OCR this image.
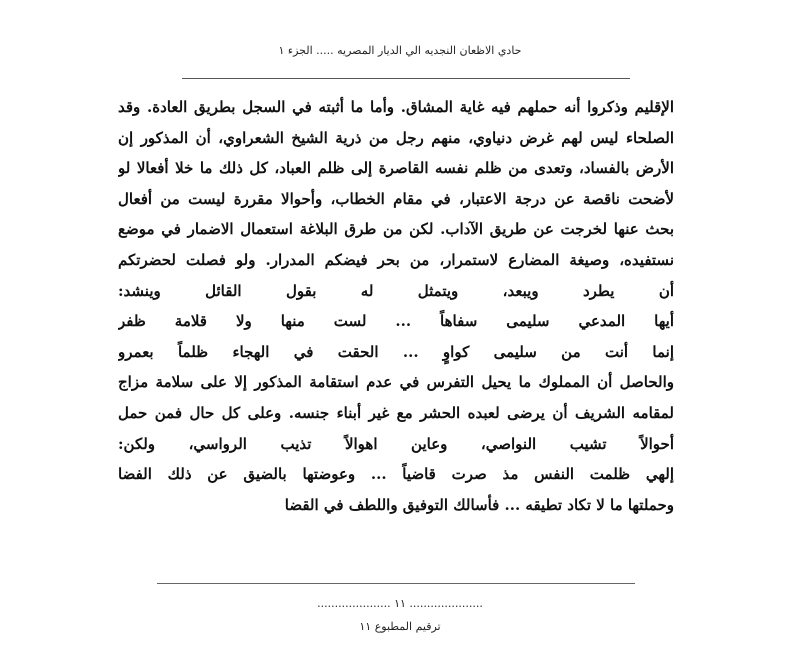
حادي الاظعان النجديه الي الديار المصريه ..... الجزء ١
الإقليم وذكروا أنه حملهم فيه غاية المشاق. وأما ما أثبته في السجل بطريق العادة. وقد
الصلحاء ليس لهم غرض دنياوي، منهم رجل من ذرية الشيخ الشعراوي، أن المذكور إن
الأرض بالفساد، وتعدى من ظلم نفسه القاصرة إلى ظلم العباد، كل ذلك ما خلا أفعالا لو
لأضحت ناقصة عن درجة الاعتبار، في مقام الخطاب، وأحوالا مقررة ليست من أفعال
بحث عنها لخرجت عن طريق الآداب. لكن من طرق البلاغة استعمال الاضمار في موضع
نستفيده، وصيغة المضارع لاستمرار، من بحر فيضكم المدرار. ولو فصلت لحضرتكم
أن يطرد ويبعد، ويتمثل له بقول القائل وينشد:
أيها المدعي سليمى سفاهاً ... لست منها ولا قلامة ظفر
إنما أنت من سليمى كواوٍ ... الحقت في الهجاء ظلماً بعمرو
والحاصل أن المملوك ما يحيل التفرس في عدم استقامة المذكور إلا على سلامة مزاج
لمقامه الشريف أن يرضى لعبده الحشر مع غير أبناء جنسه. وعلى كل حال فمن حمل
أحوالاً تشيب النواصي، وعاين اهوالاً تذيب الرواسي، ولكن:
إلهي ظلمت النفس مذ صرت قاضياً ... وعوضتها بالضيق عن ذلك الفضا
وحملتها ما لا تكاد تطيقه ... فأسالك التوفيق واللطف في القضا
..................... ١١ .....................
ترقيم المطبوع ١١
